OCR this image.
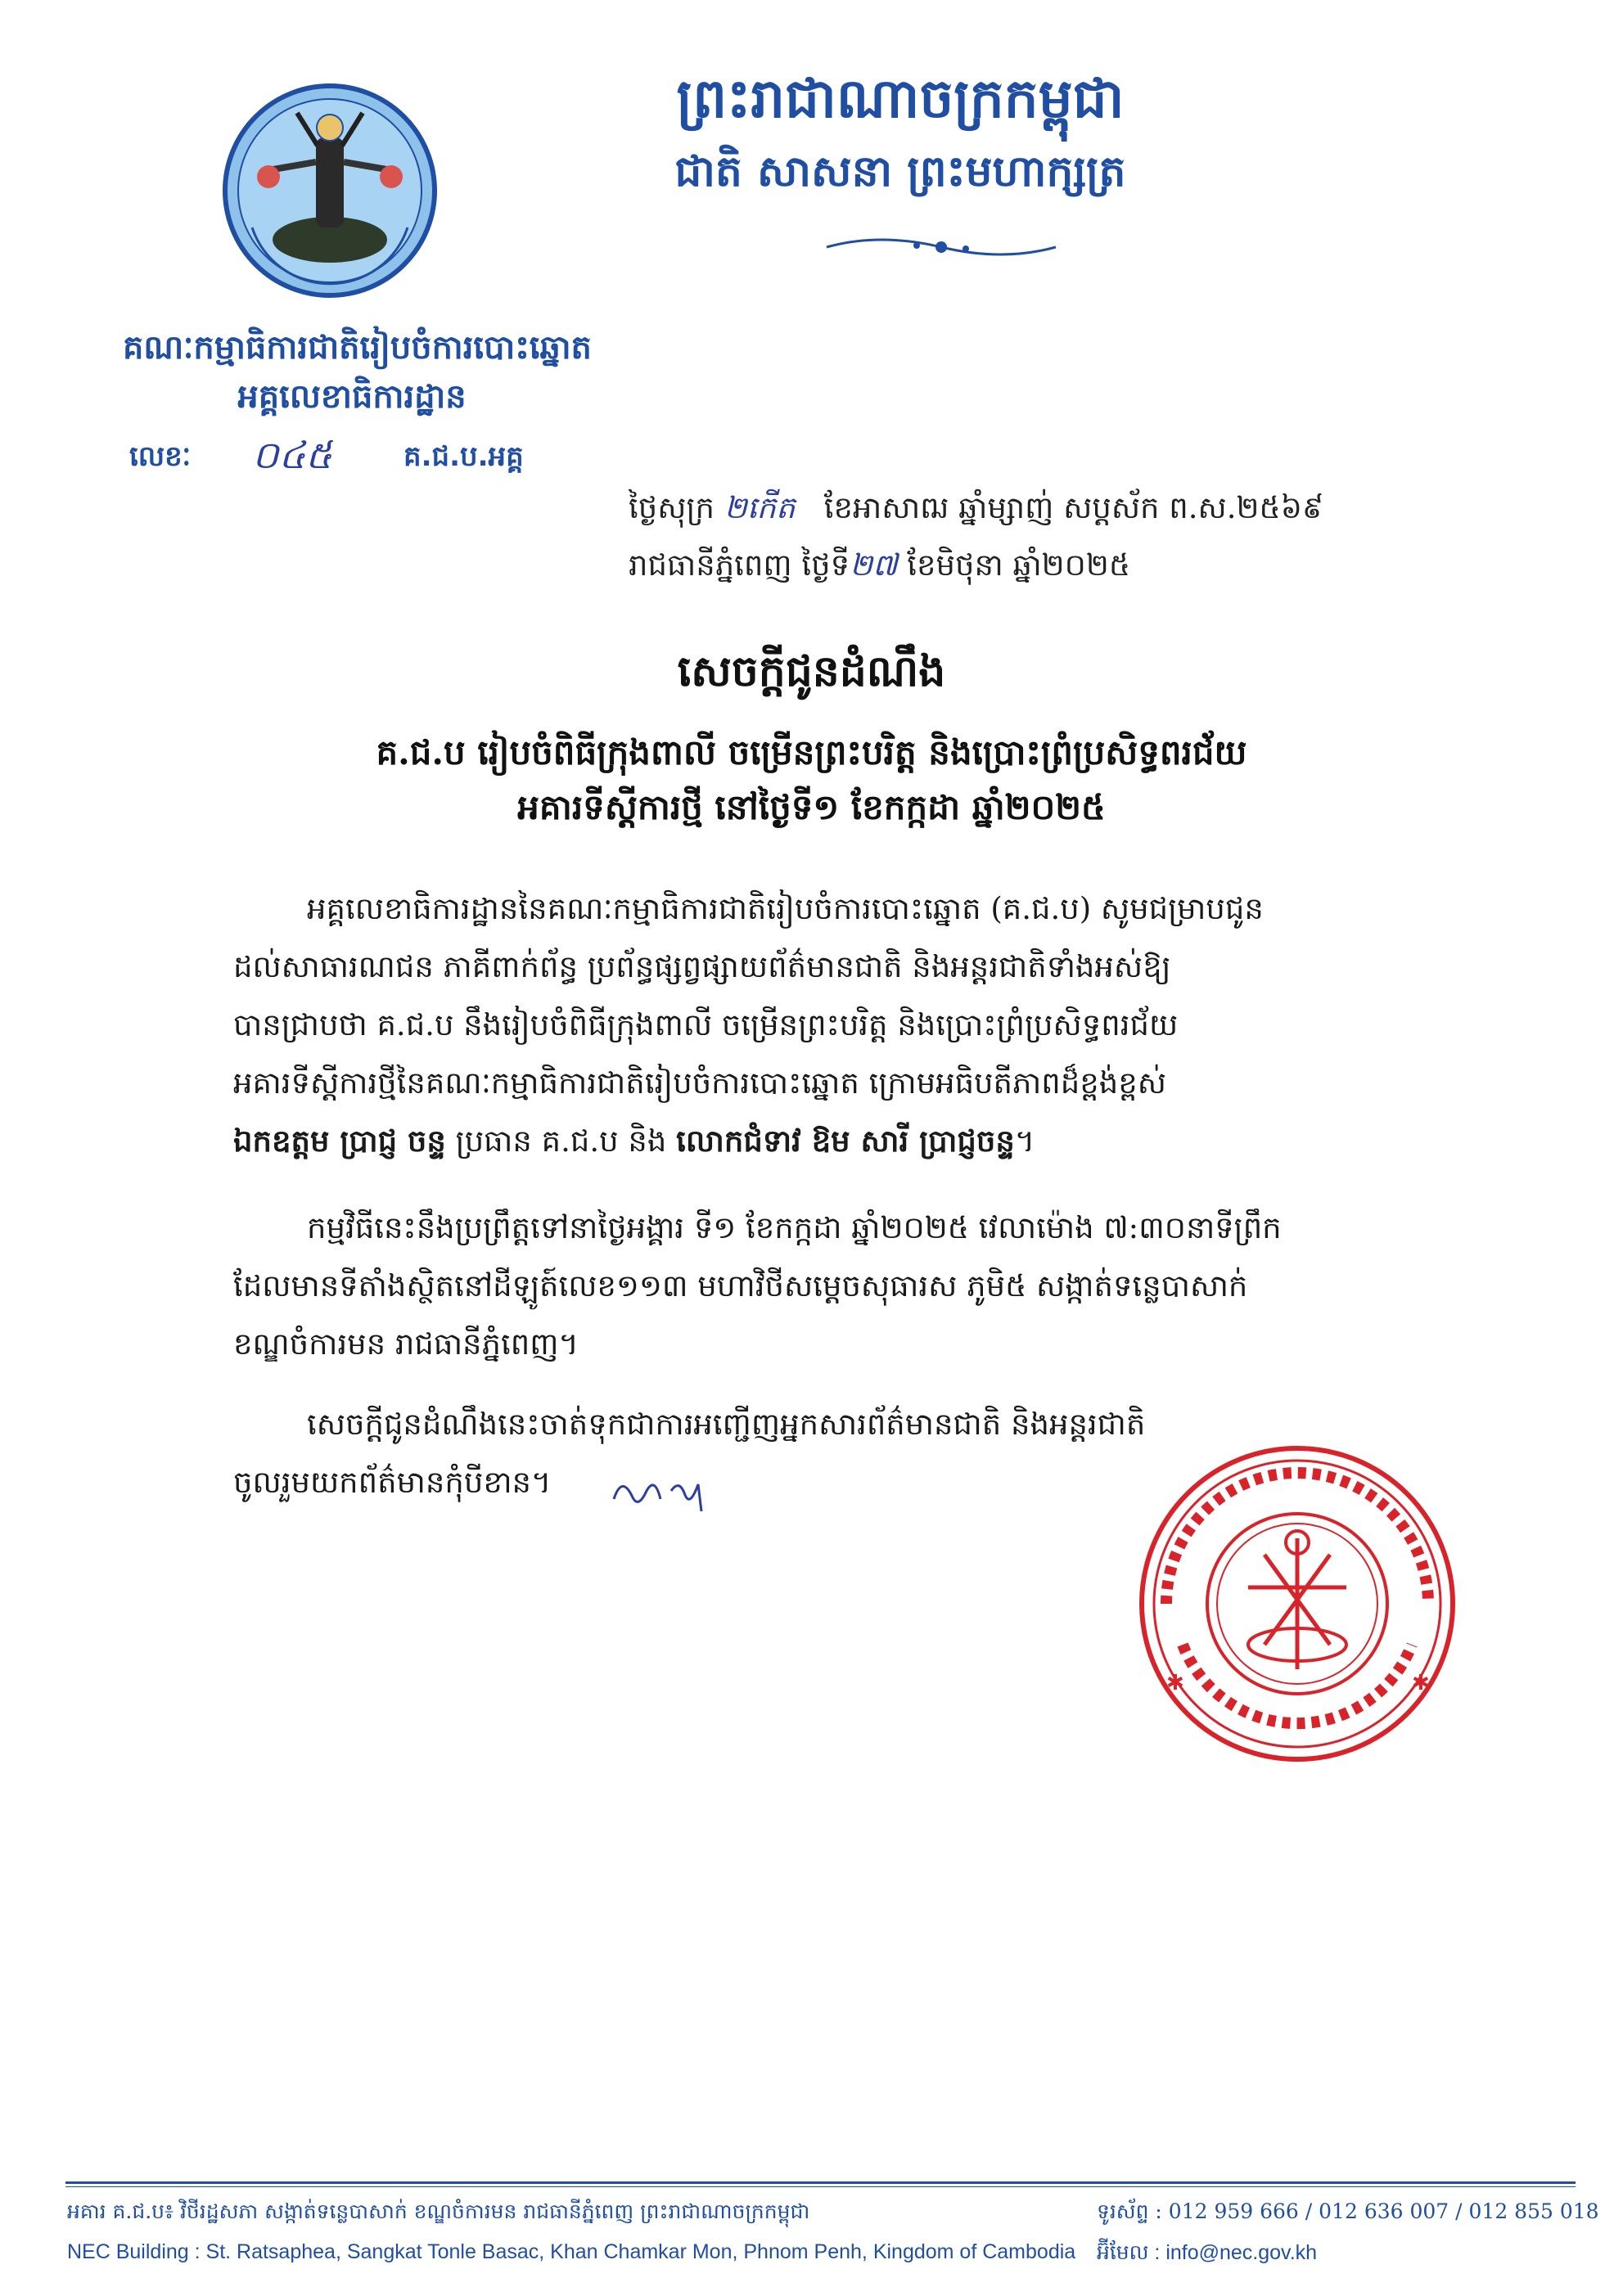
ព្រះរាជាណាចក្រកម្ពុជា
ជាតិ សាសនា ព្រះមហាក្សត្រ
គណៈកម្មាធិការជាតិរៀបចំការបោះឆ្នោត
អគ្គលេខាធិការដ្ឋាន
លេខៈ ០៤៥	គ.ជ.ប.អគ្គ
ថ្ងៃសុក្រ ២កើត ខែអាសាឍ ឆ្នាំម្សាញ់ សប្តស័ក ព.ស.២៥៦៩
រាជធានីភ្នំពេញ ថ្ងៃទី២៧ ខែមិថុនា ឆ្នាំ២០២៥
សេចក្ដីជូនដំណឹង
គ.ជ.ប រៀបចំពិធីក្រុងពាលី ចម្រើនព្រះបរិត្ត និងប្រោះព្រំប្រសិទ្ធពរជ័យ
អគារទីស្តីការថ្មី នៅថ្ងៃទី១ ខែកក្កដា ឆ្នាំ២០២៥
អគ្គលេខាធិការដ្ឋាននៃគណៈកម្មាធិការជាតិរៀបចំការបោះឆ្នោត (គ.ជ.ប) សូមជម្រាបជូន
ដល់សាធារណជន ភាគីពាក់ព័ន្ធ ប្រព័ន្ធផ្សព្វផ្សាយព័ត៌មានជាតិ និងអន្តរជាតិទាំងអស់ឱ្យ
បានជ្រាបថា គ.ជ.ប នឹងរៀបចំពិធីក្រុងពាលី ចម្រើនព្រះបរិត្ត និងប្រោះព្រំប្រសិទ្ធពរជ័យ
អគារទីស្តីការថ្មីនៃគណៈកម្មាធិការជាតិរៀបចំការបោះឆ្នោត ក្រោមអធិបតីភាពដ៏ខ្ពង់ខ្ពស់
ឯកឧត្តម ប្រាជ្ញ ចន្ទ ប្រធាន គ.ជ.ប និង លោកជំទាវ ឱម សារី ប្រាជ្ញចន្ទ។
កម្មវិធីនេះនឹងប្រព្រឹត្តទៅនាថ្ងៃអង្គារ ទី១ ខែកក្កដា ឆ្នាំ២០២៥ វេលាម៉ោង ៧:៣០នាទីព្រឹក
ដែលមានទីតាំងស្ថិតនៅដីឡូត៍លេខ១១៣ មហាវិថីសម្តេចសុធារស ភូមិ៥ សង្កាត់ទន្លេបាសាក់
ខណ្ឌចំការមន រាជធានីភ្នំពេញ។
សេចក្ដីជូនដំណឹងនេះចាត់ទុកជាការអញ្ជើញអ្នកសារព័ត៌មានជាតិ និងអន្តរជាតិ
ចូលរួមយកព័ត៌មានកុំបីខាន។
✱	✱
អគារ គ.ជ.ប៖ វិថីរដ្ឋសភា សង្កាត់ទន្លេបាសាក់ ខណ្ឌចំការមន រាជធានីភ្នំពេញ ព្រះរាជាណាចក្រកម្ពុជា	ទូរស័ព្ទ : 012 959 666 / 012 636 007 / 012 855 018
NEC Building : St. Ratsaphea, Sangkat Tonle Basac, Khan Chamkar Mon, Phnom Penh, Kingdom of Cambodia អ៊ីមែល : info@nec.gov.kh
